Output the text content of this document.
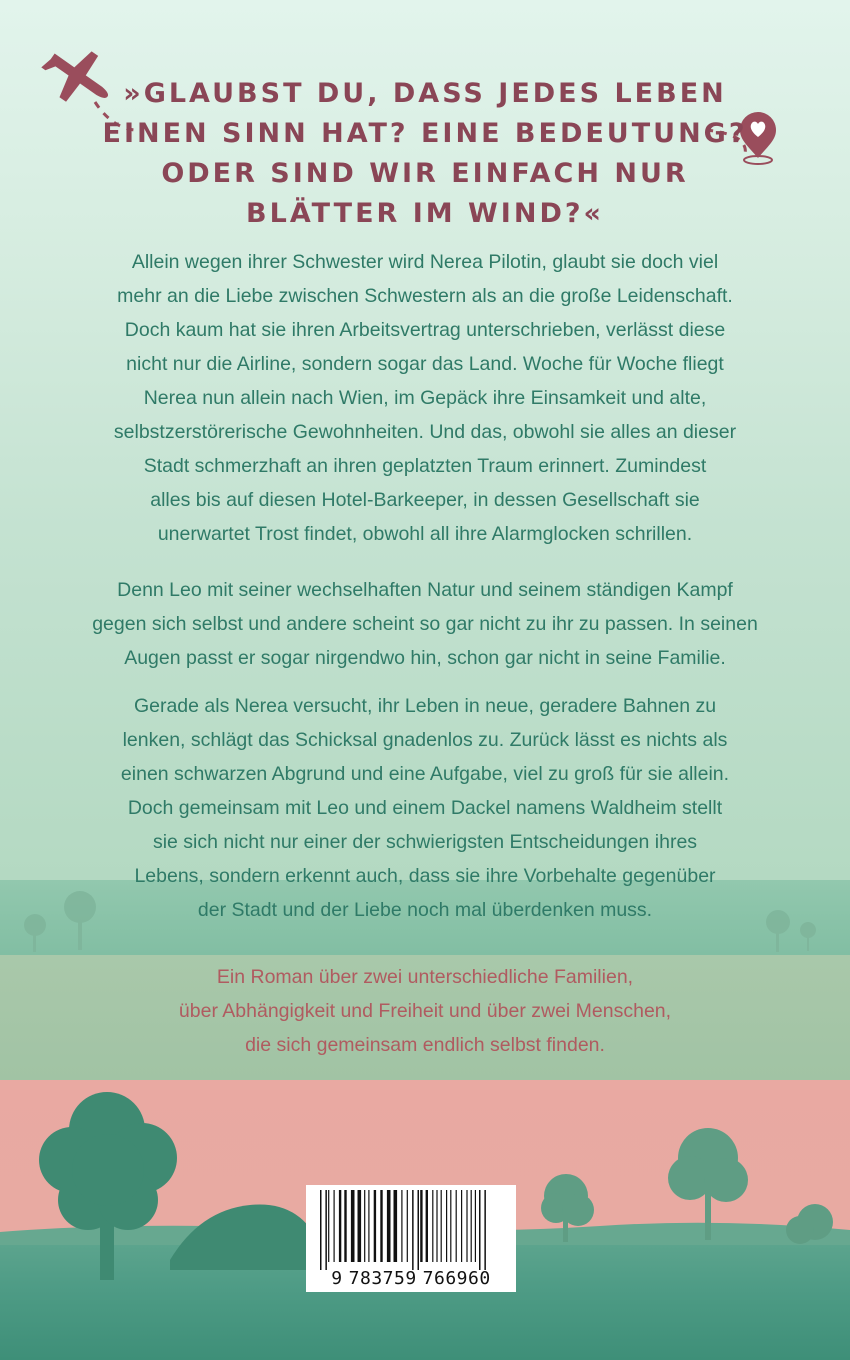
»GLAUBST DU, DASS JEDES LEBEN
EINEN SINN HAT? EINE BEDEUTUNG?
ODER SIND WIR EINFACH NUR
BLÄTTER IM WIND?«

Allein wegen ihrer Schwester wird Nerea Pilotin, glaubt sie doch viel
mehr an die Liebe zwischen Schwestern als an die große Leidenschaft.
Doch kaum hat sie ihren Arbeitsvertrag unterschrieben, verlässt diese
nicht nur die Airline, sondern sogar das Land. Woche für Woche fliegt
Nerea nun allein nach Wien, im Gepäck ihre Einsamkeit und alte,
selbstzerstörerische Gewohnheiten. Und das, obwohl sie alles an dieser
Stadt schmerzhaft an ihren geplatzten Traum erinnert. Zumindest
alles bis auf diesen Hotel-Barkeeper, in dessen Gesellschaft sie
unerwartet Trost findet, obwohl all ihre Alarmglocken schrillen.

Denn Leo mit seiner wechselhaften Natur und seinem ständigen Kampf
gegen sich selbst und andere scheint so gar nicht zu ihr zu passen. In seinen
Augen passt er sogar nirgendwo hin, schon gar nicht in seine Familie.

Gerade als Nerea versucht, ihr Leben in neue, geradere Bahnen zu
lenken, schlägt das Schicksal gnadenlos zu. Zurück lässt es nichts als
einen schwarzen Abgrund und eine Aufgabe, viel zu groß für sie allein.
Doch gemeinsam mit Leo und einem Dackel namens Waldheim stellt
sie sich nicht nur einer der schwierigsten Entscheidungen ihres
Lebens, sondern erkennt auch, dass sie ihre Vorbehalte gegenüber
der Stadt und der Liebe noch mal überdenken muss.

Ein Roman über zwei unterschiedliche Familien,
über Abhängigkeit und Freiheit und über zwei Menschen,
die sich gemeinsam endlich selbst finden.

9 783759 766960
